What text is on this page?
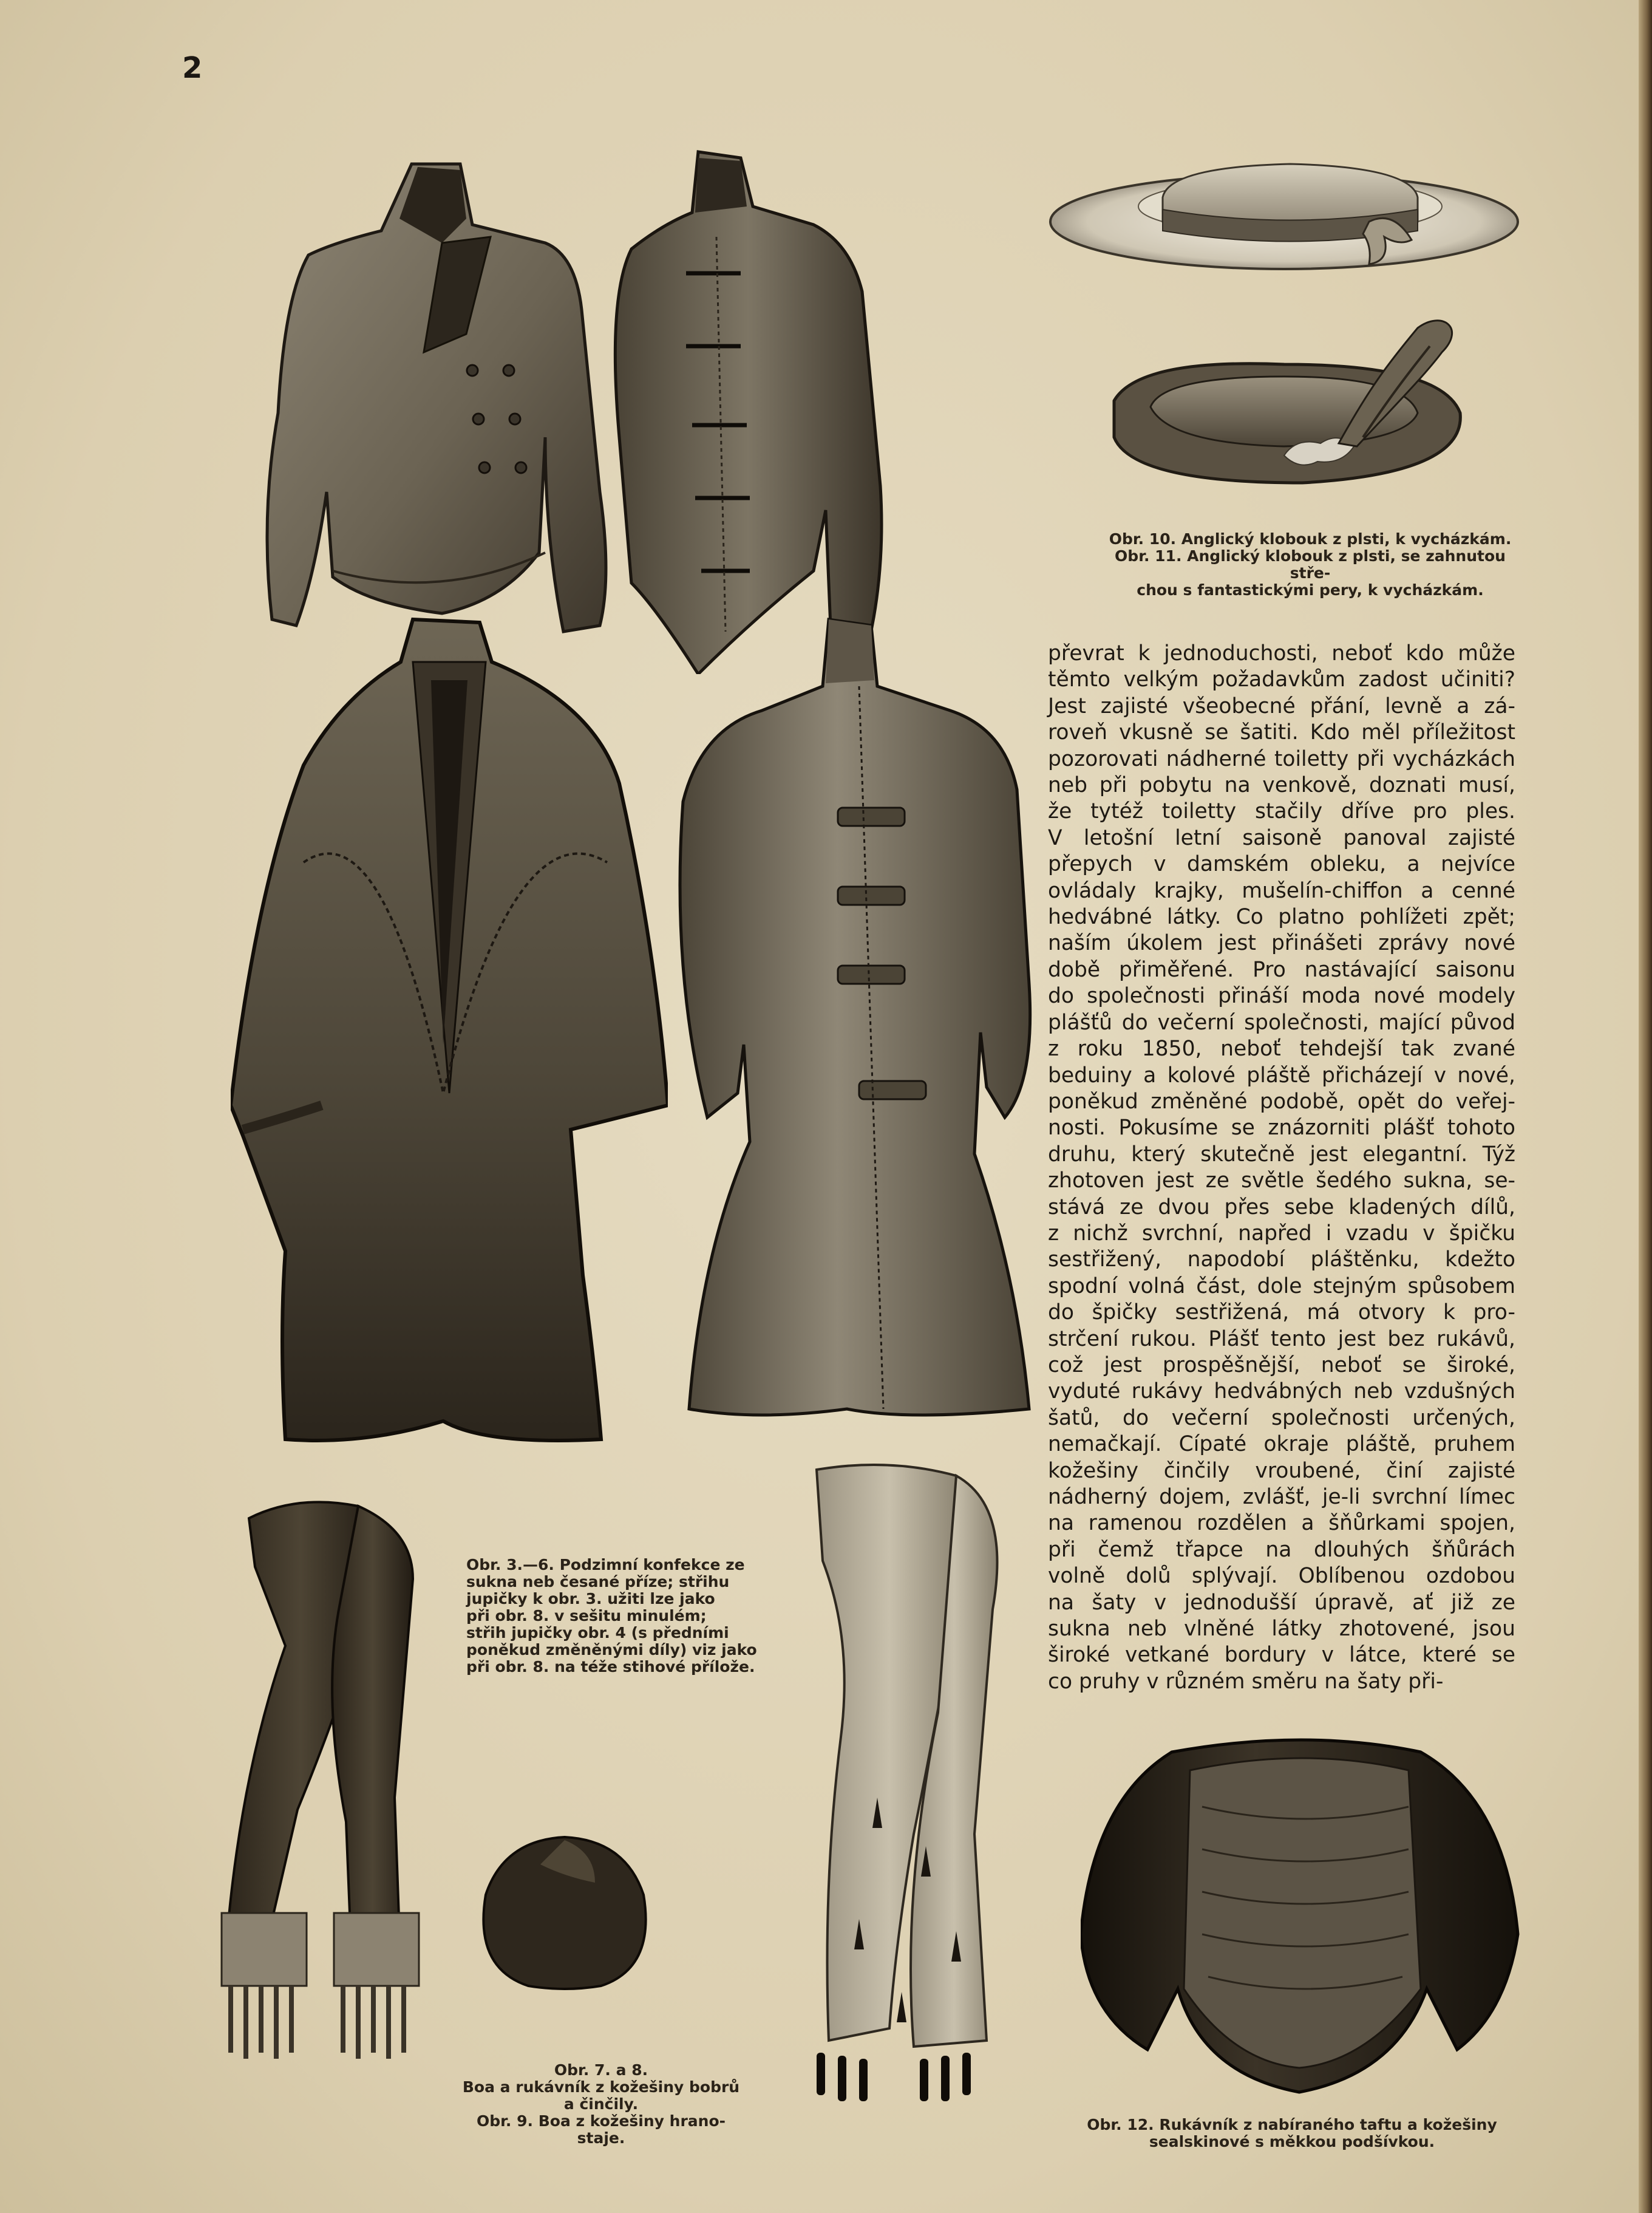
2
Obr. 10. Anglický klobouk z plsti, k vycházkám.
Obr. 11. Anglický klobouk z plsti, se zahnutou stře-
chou s fantastickými pery, k vycházkám.
Obr. 3.—6. Podzimní konfekce ze
sukna neb česané příze; střihu
jupičky k obr. 3. užiti lze jako
při obr. 8. v sešitu minulém;
střih jupičky obr. 4 (s předními
poněkud změněnými díly) viz jako
při obr. 8. na téže stihové přílože.
Obr. 7. a 8.
Boa a rukávník z kožešiny bobrů
a činčily.
Obr. 9. Boa z kožešiny hrano-
staje.
Obr. 12. Rukávník z nabíraného taftu a kožešiny
sealskinové s měkkou podšívkou.
převrat k jednoduchosti, neboť kdo může
těmto velkým požadavkům zadost učiniti?
Jest zajisté všeobecné přání, levně a zá-
roveň vkusně se šatiti. Kdo měl příležitost
pozorovati nádherné toiletty při vycházkách
neb při pobytu na venkově, doznati musí,
že tytéž toiletty stačily dříve pro ples.
V letošní letní saisoně panoval zajisté
přepych v damském obleku, a nejvíce
ovládaly krajky, mušelín-chiffon a cenné
hedvábné látky. Co platno pohlížeti zpět;
naším úkolem jest přinášeti zprávy nové
době přiměřené. Pro nastávající saisonu
do společnosti přináší moda nové modely
plášťů do večerní společnosti, mající původ
z roku 1850, neboť tehdejší tak zvané
beduiny a kolové pláště přicházejí v nové,
poněkud změněné podobě, opět do veřej-
nosti. Pokusíme se znázorniti plášť tohoto
druhu, který skutečně jest elegantní. Týž
zhotoven jest ze světle šedého sukna, se-
stává ze dvou přes sebe kladených dílů,
z nichž svrchní, napřed i vzadu v špičku
sestřižený, napodobí pláštěnku, kdežto
spodní volná část, dole stejným spůsobem
do špičky sestřižená, má otvory k pro-
strčení rukou. Plášť tento jest bez rukávů,
což jest prospěšnější, neboť se široké,
vyduté rukávy hedvábných neb vzdušných
šatů, do večerní společnosti určených,
nemačkají. Cípaté okraje pláště, pruhem
kožešiny činčily vroubené, činí zajisté
nádherný dojem, zvlášť, je-li svrchní límec
na ramenou rozdělen a šňůrkami spojen,
při čemž třapce na dlouhých šňůrách
volně dolů splývají. Oblíbenou ozdobou
na šaty v jednodušší úpravě, ať již ze
sukna neb vlněné látky zhotovené, jsou
široké vetkané bordury v látce, které se
co pruhy v různém směru na šaty při-
